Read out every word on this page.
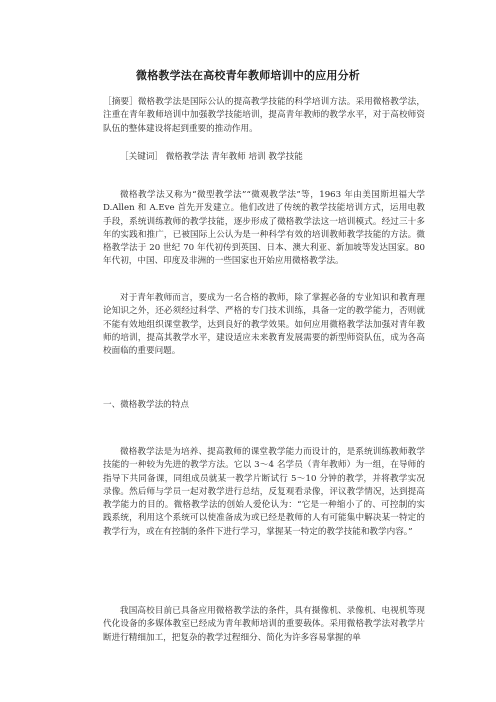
微格教学法在高校青年教师培训中的应用分析

［摘要］微格教学法是国际公认的提高教学技能的科学培训方法。采用微格教学法，注重在青年教师培训中加强教学技能培训，提高青年教师的教学水平，对于高校师资队伍的整体建设将起到重要的推动作用。

［关键词］ 微格教学法 青年教师 培训 教学技能

微格教学法又称为“微型教学法”“微观教学法”等，1963 年由美国斯坦福大学 D.Allen 和 A.Eve 首先开发建立。他们改进了传统的教学技能培训方式，运用电教手段，系统训练教师的教学技能，逐步形成了微格教学法这一培训模式。经过三十多年的实践和推广，已被国际上公认为是一种科学有效的培训教师教学技能的方法。微格教学法于 20 世纪 70 年代初传到英国、日本、澳大利亚、新加坡等发达国家。80 年代初，中国、印度及非洲的一些国家也开始应用微格教学法。

对于青年教师而言，要成为一名合格的教师，除了掌握必备的专业知识和教育理论知识之外，还必须经过科学、严格的专门技术训练，具备一定的教学能力，否则就不能有效地组织课堂教学，达到良好的教学效果。如何应用微格教学法加强对青年教师的培训，提高其教学水平，建设适应未来教育发展需要的新型师资队伍，成为各高校面临的重要问题。

一、微格教学法的特点

微格教学法是为培养、提高教师的课堂教学能力而设计的，是系统训练教师教学技能的一种较为先进的教学方法。它以 3～4 名学员（青年教师）为一组，在导师的指导下共同备课，同组成员就某一教学片断试行 5～10 分钟的教学，并将教学实况录像。然后师与学员一起对教学进行总结，反复观看录像，评议教学情况，达到提高教学能力的目的。微格教学法的创始人爱伦认为：“它是一种缩小了的、可控制的实践系统，利用这个系统可以使准备成为或已经是教师的人有可能集中解决某一特定的教学行为，或在有控制的条件下进行学习，掌握某一特定的教学技能和教学内容。”

我国高校目前已具备应用微格教学法的条件，具有摄像机、录像机、电视机等现代化设备的多媒体教室已经成为青年教师培训的重要载体。采用微格教学法对教学片断进行精细加工，把复杂的教学过程细分、简化为许多容易掌握的单
